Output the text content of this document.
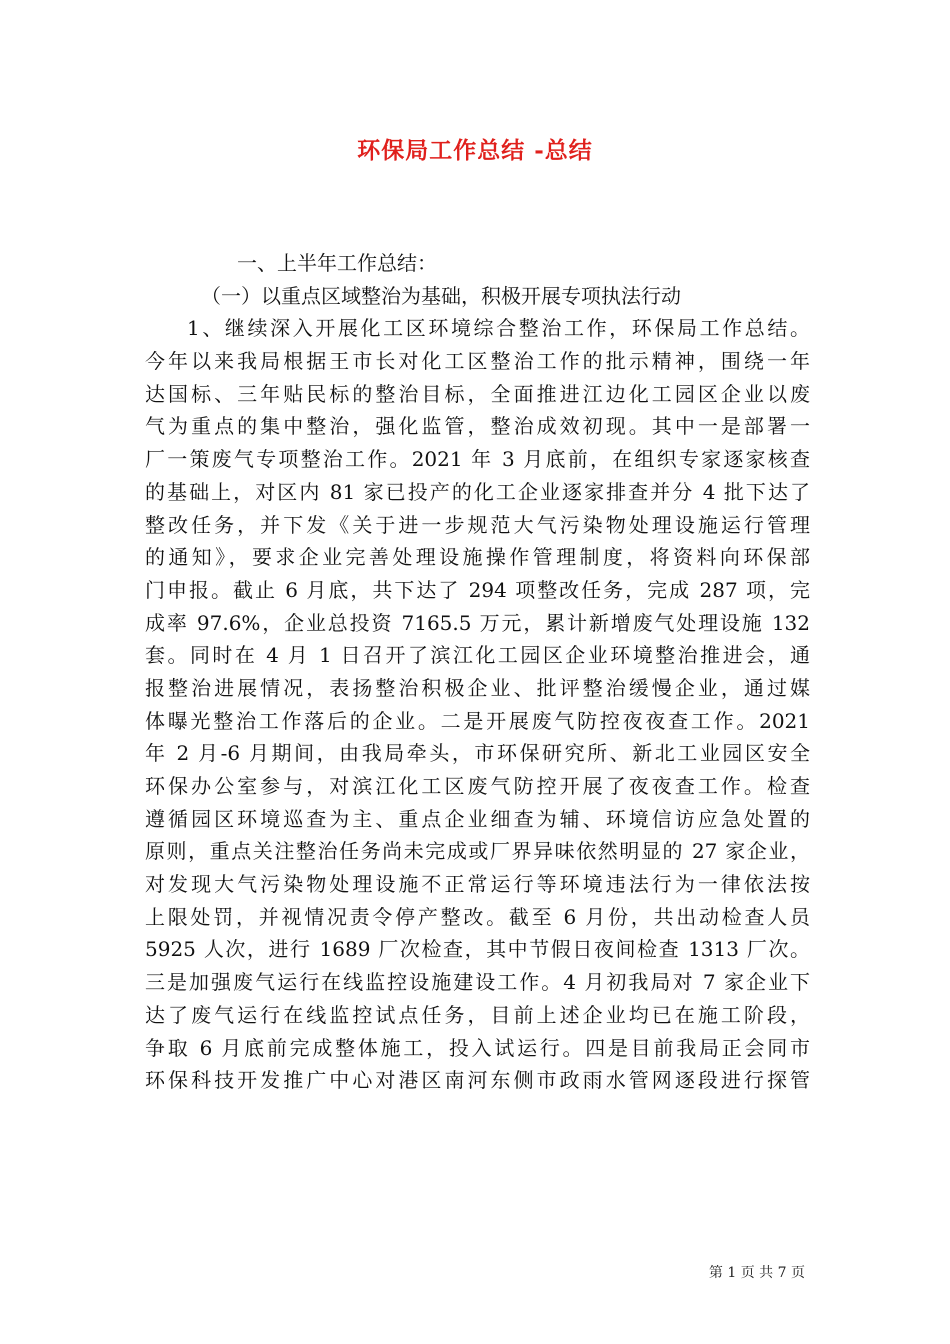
环保局工作总结 -总结
一、上半年工作总结：
（一）以重点区域整治为基础，积极开展专项执法行动
1、继续深入开展化工区环境综合整治工作，环保局工作总结。
今年以来我局根据王市长对化工区整治工作的批示精神，围绕一年
达国标、三年贴民标的整治目标，全面推进江边化工园区企业以废
气为重点的集中整治，强化监管，整治成效初现。其中一是部署一
厂一策废气专项整治工作。2021 年 3 月底前，在组织专家逐家核查
的基础上，对区内 81 家已投产的化工企业逐家排查并分 4 批下达了
整改任务，并下发《关于进一步规范大气污染物处理设施运行管理
的通知》，要求企业完善处理设施操作管理制度，将资料向环保部
门申报。截止 6 月底，共下达了 294 项整改任务，完成 287 项，完
成率 97.6%，企业总投资 7165.5 万元，累计新增废气处理设施 132
套。同时在 4 月 1 日召开了滨江化工园区企业环境整治推进会，通
报整治进展情况，表扬整治积极企业、批评整治缓慢企业，通过媒
体曝光整治工作落后的企业。二是开展废气防控夜夜查工作。2021
年 2 月-6 月期间，由我局牵头，市环保研究所、新北工业园区安全
环保办公室参与，对滨江化工区废气防控开展了夜夜查工作。检查
遵循园区环境巡查为主、重点企业细查为辅、环境信访应急处置的
原则，重点关注整治任务尚未完成或厂界异味依然明显的 27 家企业，
对发现大气污染物处理设施不正常运行等环境违法行为一律依法按
上限处罚，并视情况责令停产整改。截至 6 月份，共出动检查人员
5925 人次，进行 1689 厂次检查，其中节假日夜间检查 1313 厂次。
三是加强废气运行在线监控设施建设工作。4 月初我局对 7 家企业下
达了废气运行在线监控试点任务，目前上述企业均已在施工阶段，
争取 6 月底前完成整体施工，投入试运行。四是目前我局正会同市
环保科技开发推广中心对港区南河东侧市政雨水管网逐段进行探管
第 1 页 共 7 页
